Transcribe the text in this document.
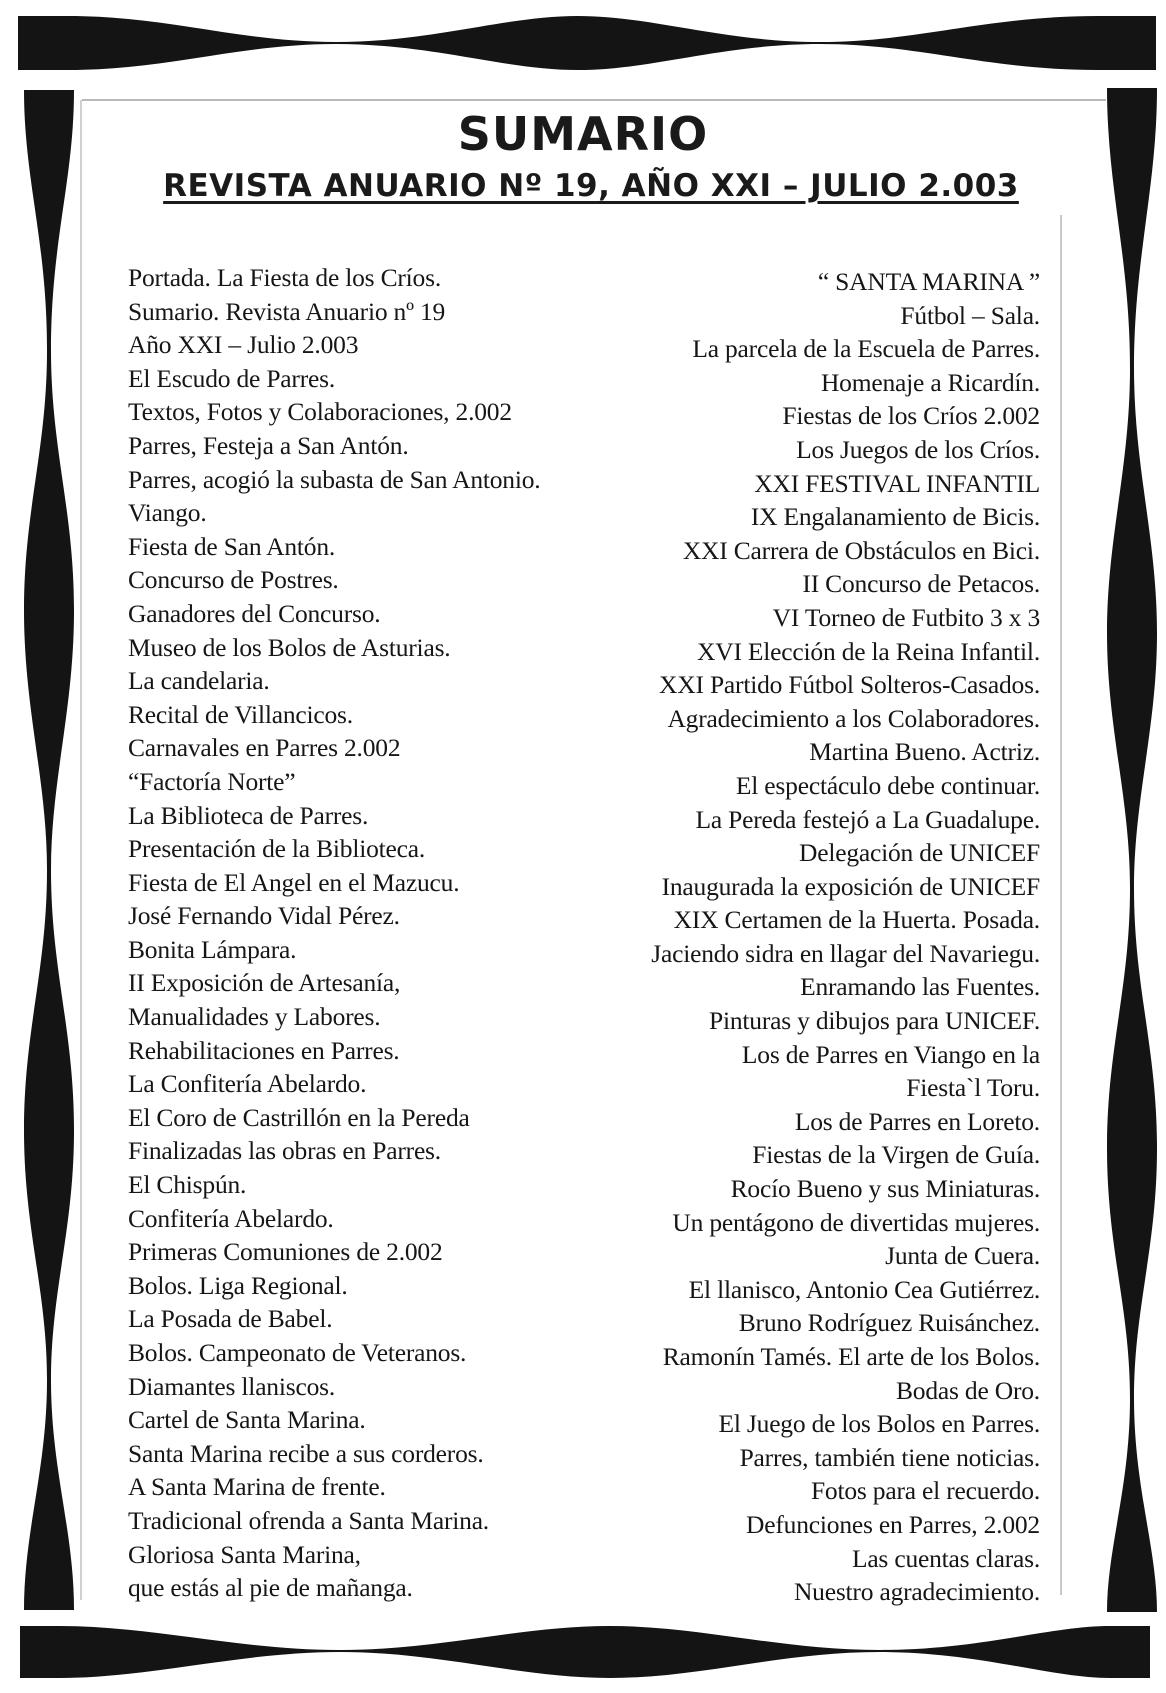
SUMARIO
REVISTA ANUARIO Nº 19, AÑO XXI – JULIO 2.003
Portada. La Fiesta de los Críos.
Sumario. Revista Anuario nº 19
Año XXI – Julio 2.003
El Escudo de Parres.
Textos, Fotos y Colaboraciones, 2.002
Parres, Festeja a San Antón.
Parres, acogió la subasta de San Antonio.
Viango.
Fiesta de San Antón.
Concurso de Postres.
Ganadores del Concurso.
Museo de los Bolos de Asturias.
La candelaria.
Recital de Villancicos.
Carnavales en Parres 2.002
“Factoría Norte”
La Biblioteca de Parres.
Presentación de la Biblioteca.
Fiesta de El Angel en el Mazucu.
José Fernando Vidal Pérez.
Bonita Lámpara.
II Exposición de Artesanía,
Manualidades y Labores.
Rehabilitaciones en Parres.
La Confitería Abelardo.
El Coro de Castrillón en la Pereda
Finalizadas las obras en Parres.
El Chispún.
Confitería Abelardo.
Primeras Comuniones de 2.002
Bolos. Liga Regional.
La Posada de Babel.
Bolos. Campeonato de Veteranos.
Diamantes llaniscos.
Cartel de Santa Marina.
Santa Marina recibe a sus corderos.
A Santa Marina de frente.
Tradicional ofrenda a Santa Marina.
Gloriosa Santa Marina,
que estás al pie de mañanga.
“ SANTA MARINA ”
Fútbol – Sala.
La parcela de la Escuela de Parres.
Homenaje a Ricardín.
Fiestas de los Críos 2.002
Los Juegos de los Críos.
XXI FESTIVAL INFANTIL
IX Engalanamiento de Bicis.
XXI Carrera de Obstáculos en Bici.
II Concurso de Petacos.
VI Torneo de Futbito 3 x 3
XVI Elección de la Reina Infantil.
XXI Partido Fútbol Solteros-Casados.
Agradecimiento a los Colaboradores.
Martina Bueno. Actriz.
El espectáculo debe continuar.
La Pereda festejó a La Guadalupe.
Delegación de UNICEF
Inaugurada la exposición de UNICEF
XIX Certamen de la Huerta. Posada.
Jaciendo sidra en llagar del Navariegu.
Enramando las Fuentes.
Pinturas y dibujos para UNICEF.
Los de Parres en Viango en la
Fiesta`l Toru.
Los de Parres en Loreto.
Fiestas de la Virgen de Guía.
Rocío Bueno y sus Miniaturas.
Un pentágono de divertidas mujeres.
Junta de Cuera.
El llanisco, Antonio Cea Gutiérrez.
Bruno Rodríguez Ruisánchez.
Ramonín Tamés. El arte de los Bolos.
Bodas de Oro.
El Juego de los Bolos en Parres.
Parres, también tiene noticias.
Fotos para el recuerdo.
Defunciones en Parres, 2.002
Las cuentas claras.
Nuestro agradecimiento.
